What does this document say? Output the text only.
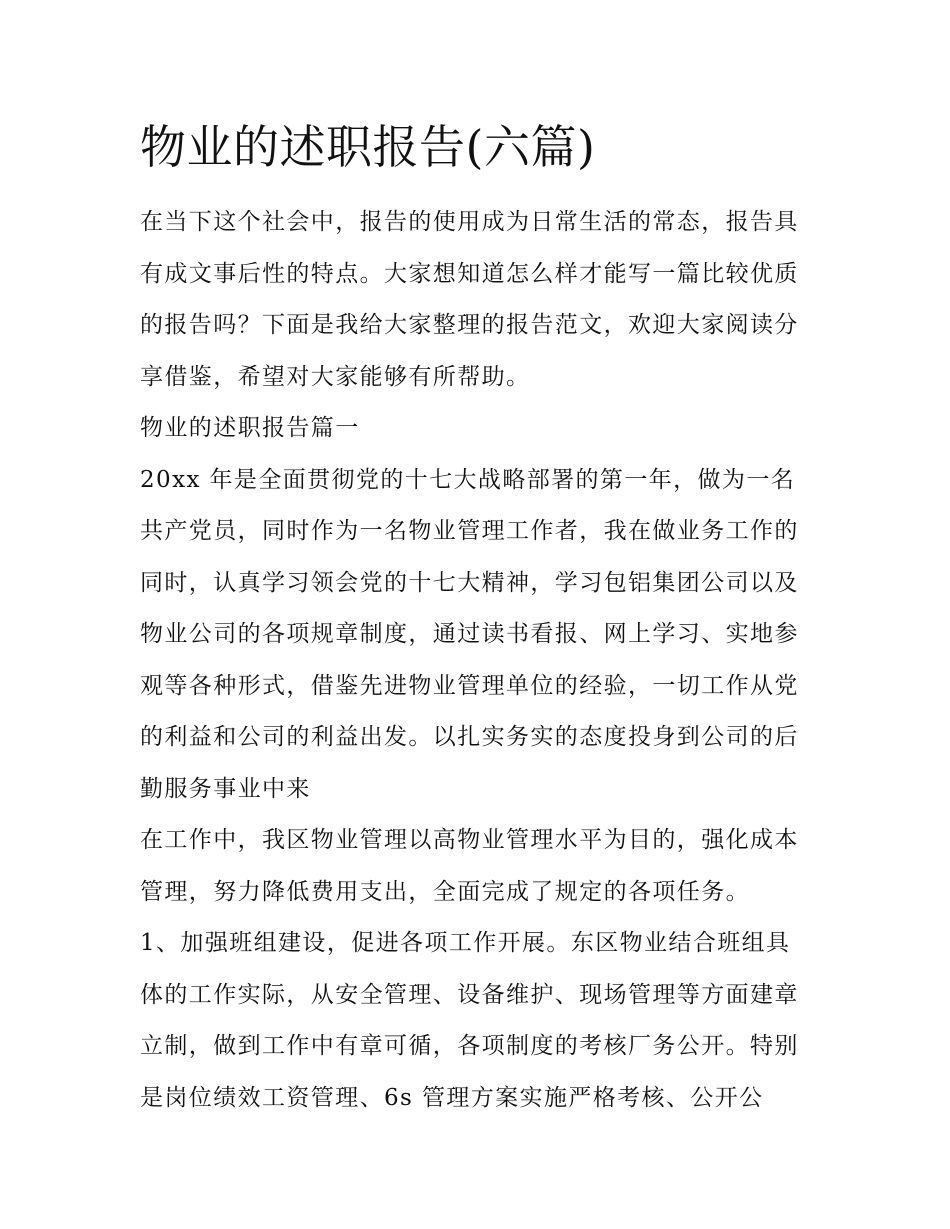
物业的述职报告(六篇)
在当下这个社会中，报告的使用成为日常生活的常态，报告具
有成文事后性的特点。大家想知道怎么样才能写一篇比较优质
的报告吗？下面是我给大家整理的报告范文，欢迎大家阅读分
享借鉴，希望对大家能够有所帮助。
物业的述职报告篇一
20xx 年是全面贯彻党的十七大战略部署的第一年，做为一名
共产党员，同时作为一名物业管理工作者，我在做业务工作的
同时，认真学习领会党的十七大精神，学习包铝集团公司以及
物业公司的各项规章制度，通过读书看报、网上学习、实地参
观等各种形式，借鉴先进物业管理单位的经验，一切工作从党
的利益和公司的利益出发。以扎实务实的态度投身到公司的后
勤服务事业中来
在工作中，我区物业管理以高物业管理水平为目的，强化成本
管理，努力降低费用支出，全面完成了规定的各项任务。
1、加强班组建设，促进各项工作开展。东区物业结合班组具
体的工作实际，从安全管理、设备维护、现场管理等方面建章
立制，做到工作中有章可循，各项制度的考核厂务公开。特别
是岗位绩效工资管理、6s 管理方案实施严格考核、公开公
